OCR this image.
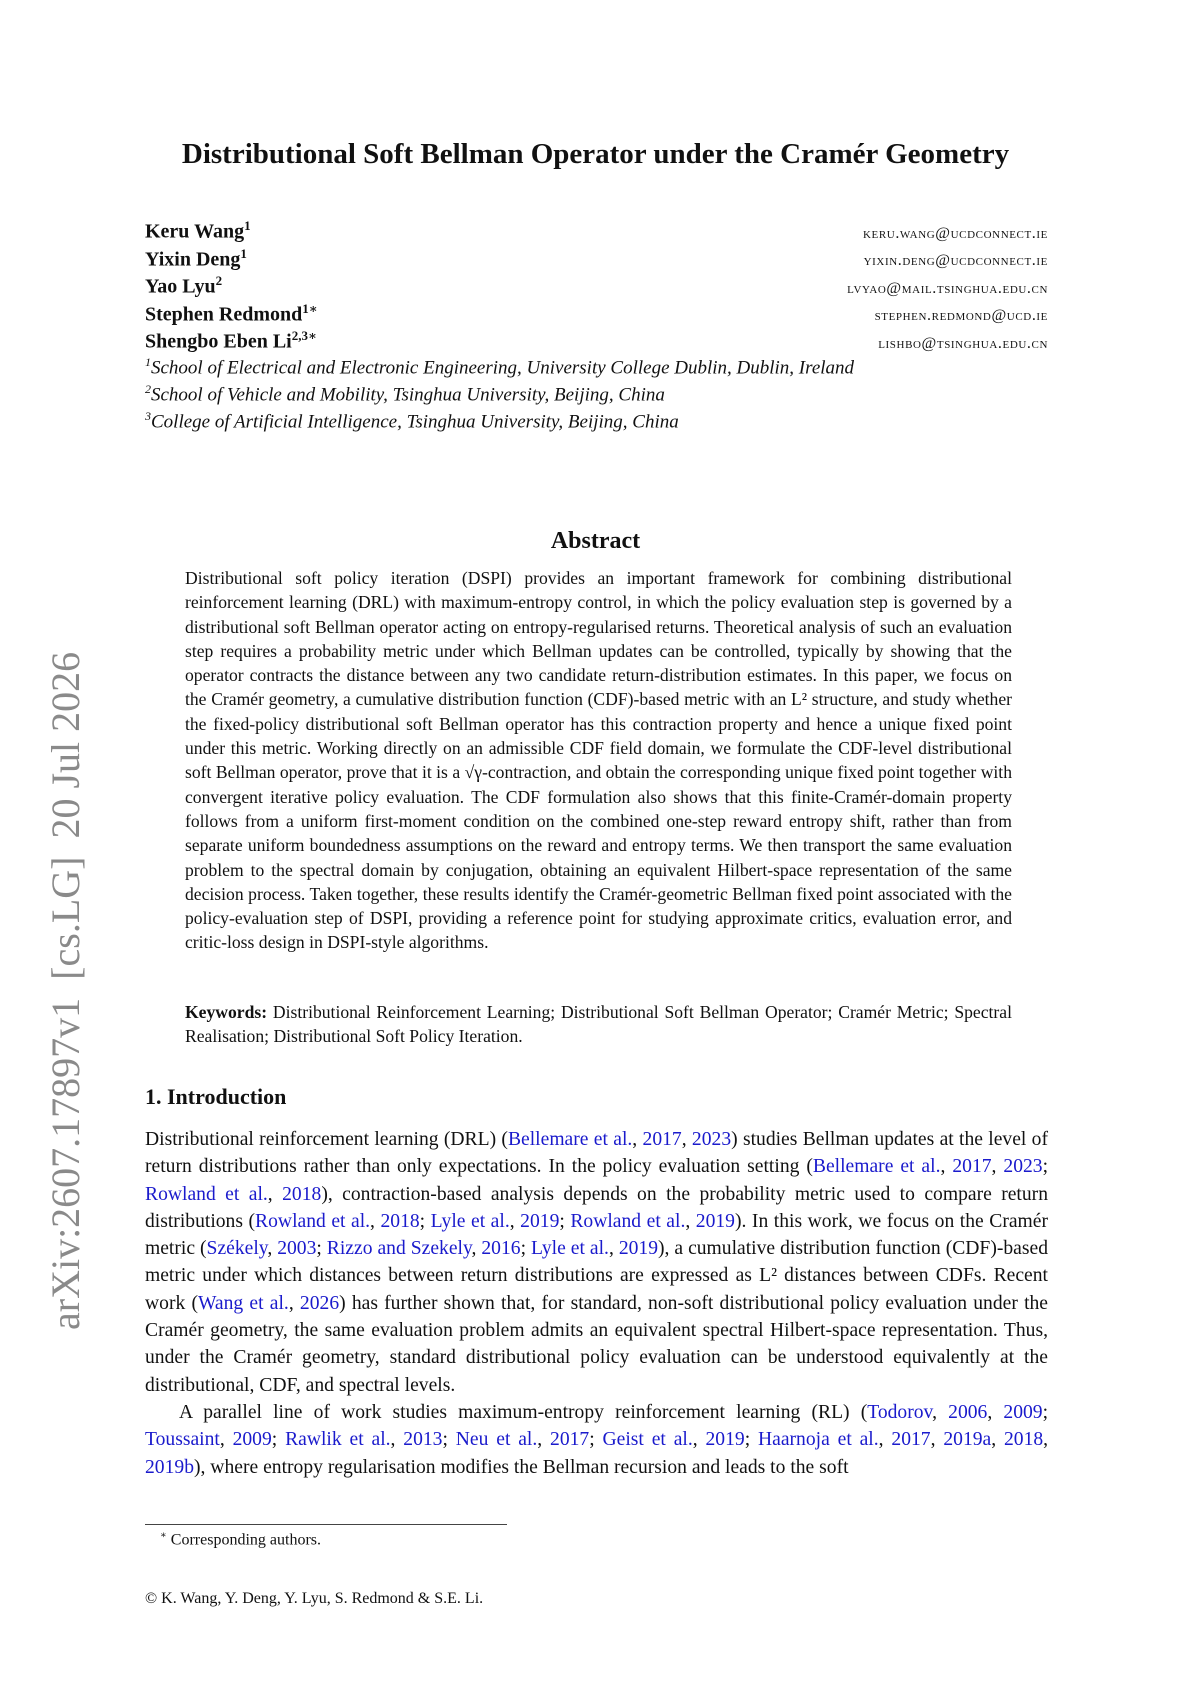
arXiv:2607.17897v1[cs.LG]20 Jul 2026
Distributional Soft Bellman Operator under the Cramér Geometry
Keru Wang$^1$	keru.wang@ucdconnect.ie
Yixin Deng$^1$	yixin.deng@ucdconnect.ie
Yao Lyu$^2$	lvyao@mail.tsinghua.edu.cn
Stephen Redmond$^{1∗}$	stephen.redmond@ucd.ie
Shengbo Eben $Li^{2,3∗}$	lishbo@tsinghua.edu.cn
$^1$School of Electrical and Electronic Engineering, University College Dublin, Dublin, Ireland
$^2$School of Vehicle and Mobility, Tsinghua University, Beijing, China
$^3$College of Artificial Intelligence, Tsinghua University, Beijing, China
Abstract
Distributional soft policy iteration (DSPI) provides an important framework for combining distributional reinforcement learning (DRL) with maximum-entropy control, in which the policy evaluation step is governed by a distributional soft Bellman operator acting on entropy-regularised returns. Theoretical analysis of such an evaluation step requires a probability metric under which Bellman updates can be controlled, typically by showing that the operator contracts the distance between any two candidate return-distribution estimates. In this paper, we focus on the Cramér geometry, a cumulative distribution function (CDF)-based metric with an L² structure, and study whether the fixed-policy distributional soft Bellman operator has this contraction property and hence a unique fixed point under this metric. Working directly on an admissible CDF field domain, we formulate the CDF-level distributional soft Bellman operator, prove that it is a √γ-contraction, and obtain the corresponding unique fixed point together with convergent iterative policy evaluation. The CDF formulation also shows that this finite-Cramér-domain property follows from a uniform first-moment condition on the combined one-step reward entropy shift, rather than from separate uniform boundedness assumptions on the reward and entropy terms. We then transport the same evaluation problem to the spectral domain by conjugation, obtaining an equivalent Hilbert-space representation of the same decision process. Taken together, these results identify the Cramér-geometric Bellman fixed point associated with the policy-evaluation step of DSPI, providing a reference point for studying approximate critics, evaluation error, and critic-loss design in DSPI-style algorithms.
Keywords: Distributional Reinforcement Learning; Distributional Soft Bellman Operator; Cramér Metric; Spectral Realisation; Distributional Soft Policy Iteration.
1. Introduction

Distributional reinforcement learning (DRL) (Bellemare et al., 2017, 2023) studies Bellman updates at the level of return distributions rather than only expectations. In the policy evaluation setting (Bellemare et al., 2017, 2023; Rowland et al., 2018), contraction-based analysis depends on the probability metric used to compare return distributions (Rowland et al., 2018; Lyle et al., 2019; Rowland et al., 2019). In this work, we focus on the Cramér metric (Székely, 2003; Rizzo and Szekely, 2016; Lyle et al., 2019), a cumulative distribution function (CDF)-based metric under which distances between return distributions are expressed as L² distances between CDFs. Recent work (Wang et al., 2026) has further shown that, for standard, non-soft distributional policy evaluation under the Cramér geometry, the same evaluation problem admits an equivalent spectral Hilbert-space representation. Thus, under the Cramér geometry, standard distributional policy evaluation can be understood equivalently at the distributional, CDF, and spectral levels.

A parallel line of work studies maximum-entropy reinforcement learning (RL) (Todorov, 2006, 2009; Toussaint, 2009; Rawlik et al., 2013; Neu et al., 2017; Geist et al., 2019; Haarnoja et al., 2017, 2019a, 2018, 2019b), where entropy regularisation modifies the Bellman recursion and leads to the soft

∗ Corresponding authors.
© K. Wang, Y. Deng, Y. Lyu, S. Redmond & S.E. Li.
